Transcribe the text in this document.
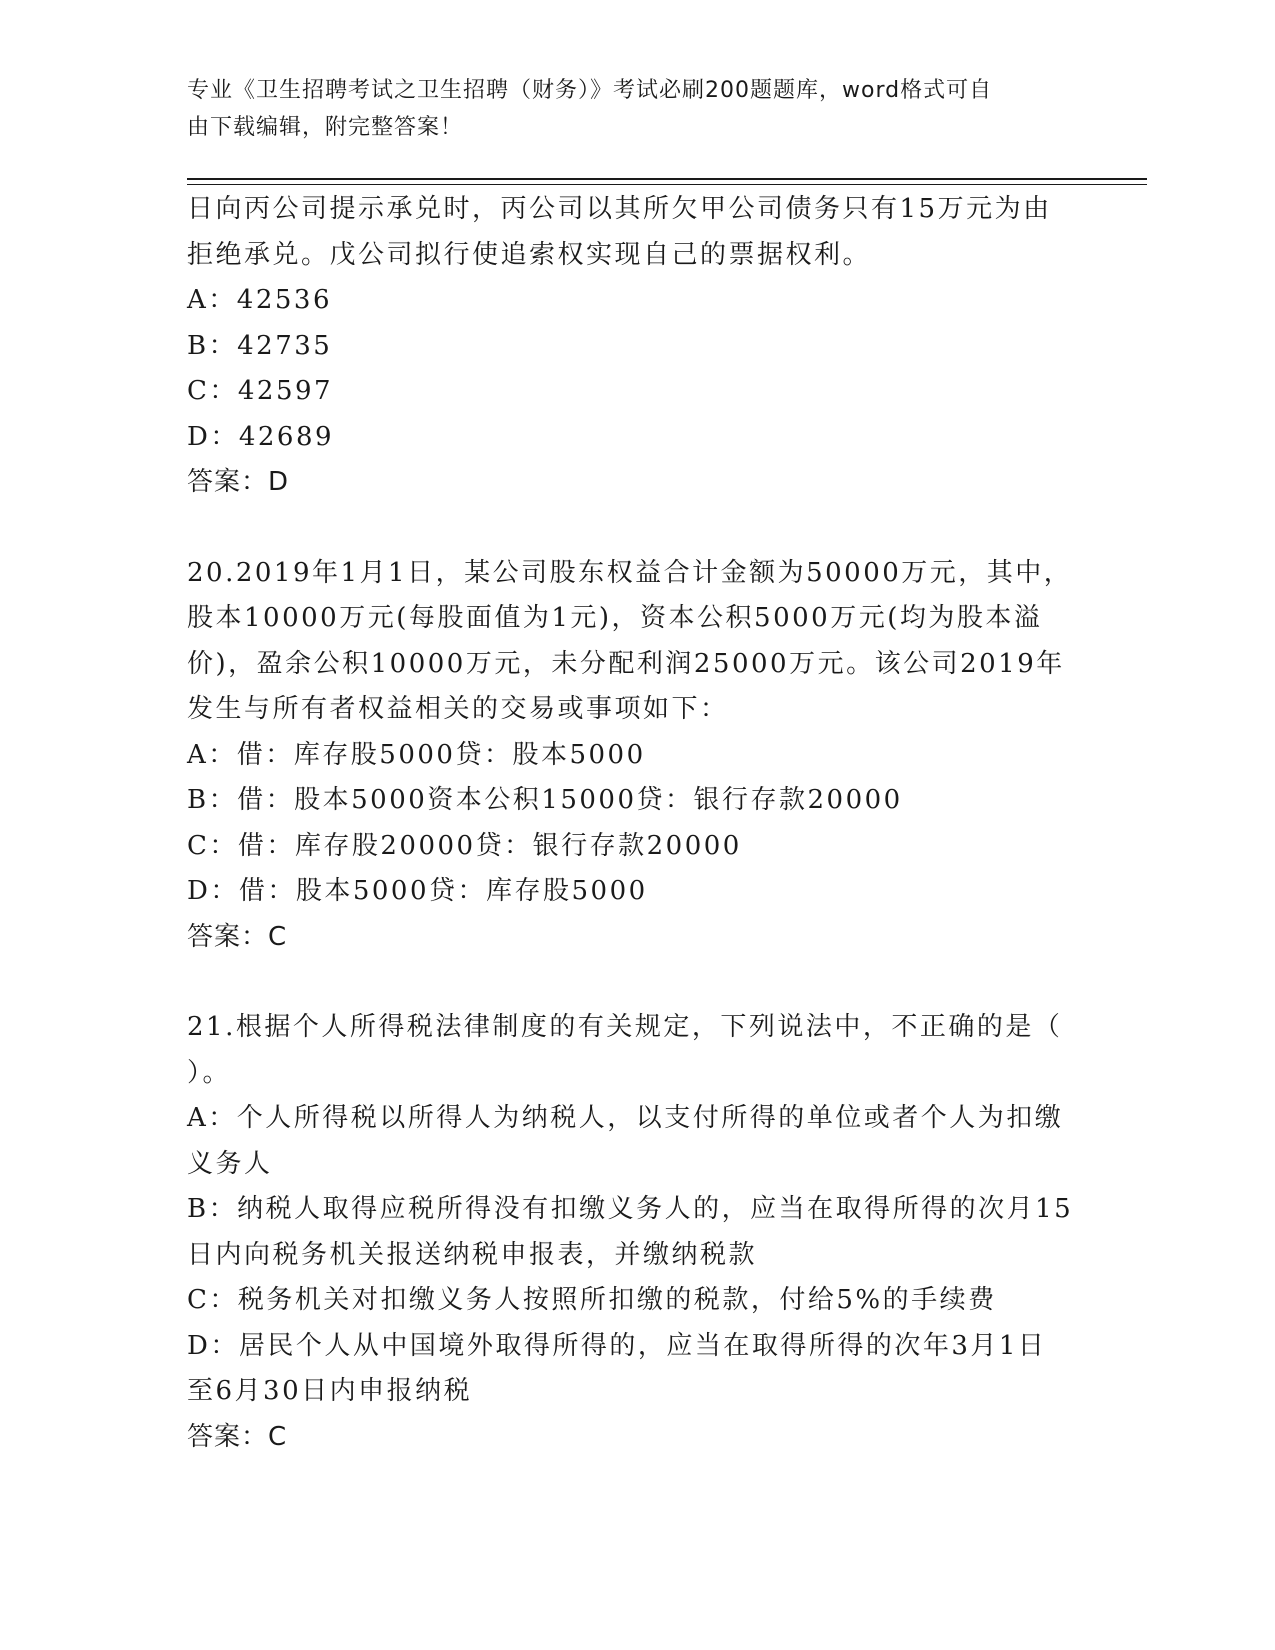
专业《卫生招聘考试之卫生招聘（财务）》考试必刷200题题库，word格式可自
由下载编辑，附完整答案！
日向丙公司提示承兑时，丙公司以其所欠甲公司债务只有15万元为由
拒绝承兑。戊公司拟行使追索权实现自己的票据权利。
A：42536
B：42735
C：42597
D：42689
答案：D
20.2019年1月1日，某公司股东权益合计金额为50000万元，其中，
股本10000万元(每股面值为1元)，资本公积5000万元(均为股本溢
价)，盈余公积10000万元，未分配利润25000万元。该公司2019年
发生与所有者权益相关的交易或事项如下：
A：借：库存股5000贷：股本5000
B：借：股本5000资本公积15000贷：银行存款20000
C：借：库存股20000贷：银行存款20000
D：借：股本5000贷：库存股5000
答案：C
21.根据个人所得税法律制度的有关规定，下列说法中，不正确的是（
）。
A：个人所得税以所得人为纳税人，以支付所得的单位或者个人为扣缴
义务人
B：纳税人取得应税所得没有扣缴义务人的，应当在取得所得的次月15
日内向税务机关报送纳税申报表，并缴纳税款
C：税务机关对扣缴义务人按照所扣缴的税款，付给5%的手续费
D：居民个人从中国境外取得所得的，应当在取得所得的次年3月1日
至6月30日内申报纳税
答案：C
